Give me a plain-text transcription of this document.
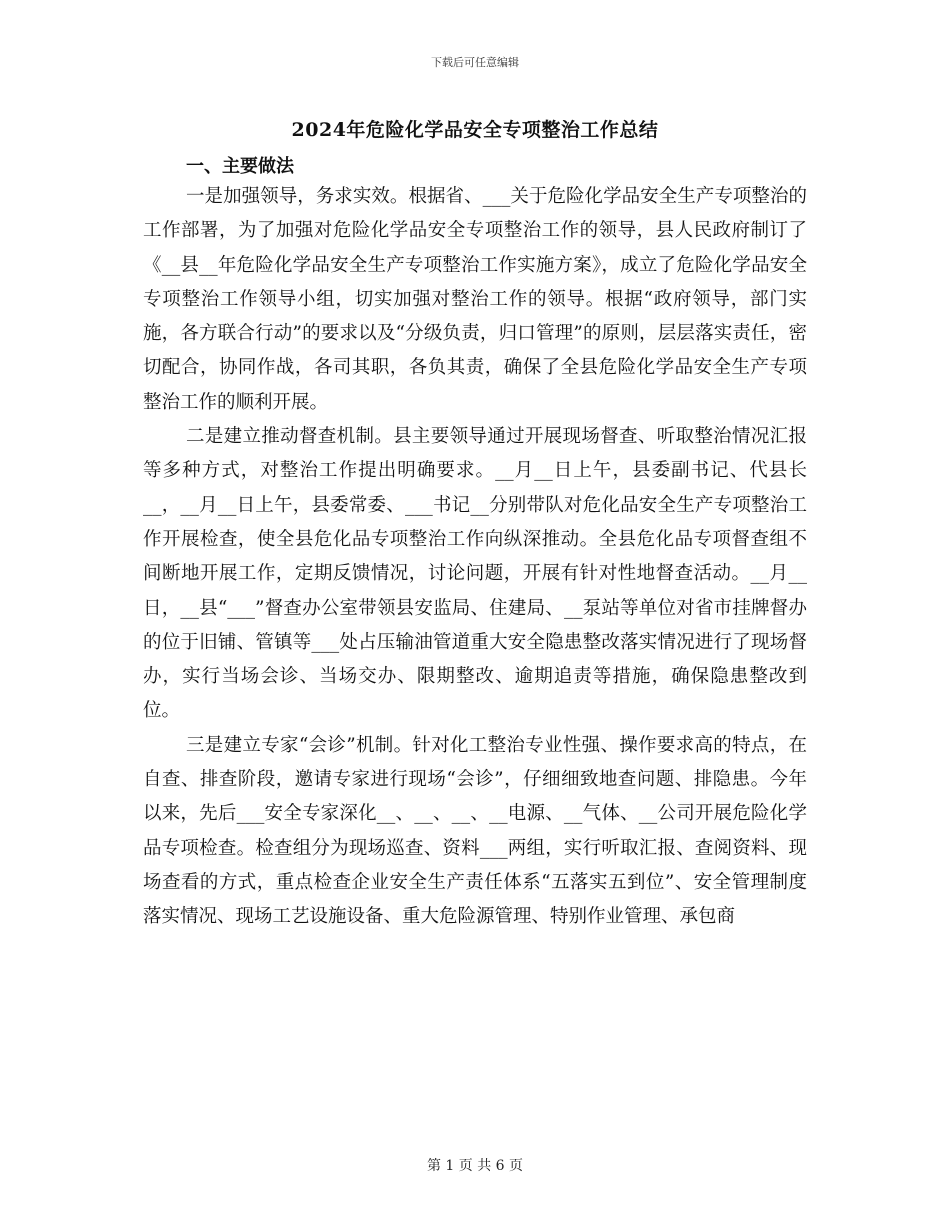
下载后可任意编辑
2024年危险化学品安全专项整治工作总结
一、主要做法

一是加强领导，务求实效。根据省、___关于危险化学品安全生产专项整治的工作部署，为了加强对危险化学品安全专项整治工作的领导，县人民政府制订了《__县__年危险化学品安全生产专项整治工作实施方案》，成立了危险化学品安全专项整治工作领导小组，切实加强对整治工作的领导。根据“政府领导，部门实施，各方联合行动”的要求以及“分级负责，归口管理”的原则，层层落实责任，密切配合，协同作战，各司其职，各负其责，确保了全县危险化学品安全生产专项整治工作的顺利开展。

二是建立推动督查机制。县主要领导通过开展现场督查、听取整治情况汇报等多种方式，对整治工作提出明确要求。__月__日上午，县委副书记、代县长__，__月__日上午，县委常委、___书记__分别带队对危化品安全生产专项整治工作开展检查，使全县危化品专项整治工作向纵深推动。全县危化品专项督查组不间断地开展工作，定期反馈情况，讨论问题，开展有针对性地督查活动。__月__日，__县“___”督查办公室带领县安监局、住建局、__泵站等单位对省市挂牌督办的位于旧铺、管镇等___处占压输油管道重大安全隐患整改落实情况进行了现场督办，实行当场会诊、当场交办、限期整改、逾期追责等措施，确保隐患整改到位。

三是建立专家“会诊”机制。针对化工整治专业性强、操作要求高的特点，在自查、排查阶段，邀请专家进行现场“会诊”，仔细细致地查问题、排隐患。今年以来，先后___安全专家深化__、__、__、__电源、__气体、__公司开展危险化学品专项检查。检查组分为现场巡查、资料___两组，实行听取汇报、查阅资料、现场查看的方式，重点检查企业安全生产责任体系“五落实五到位”、安全管理制度落实情况、现场工艺设施设备、重大危险源管理、特别作业管理、承包商

第 1 页 共 6 页
